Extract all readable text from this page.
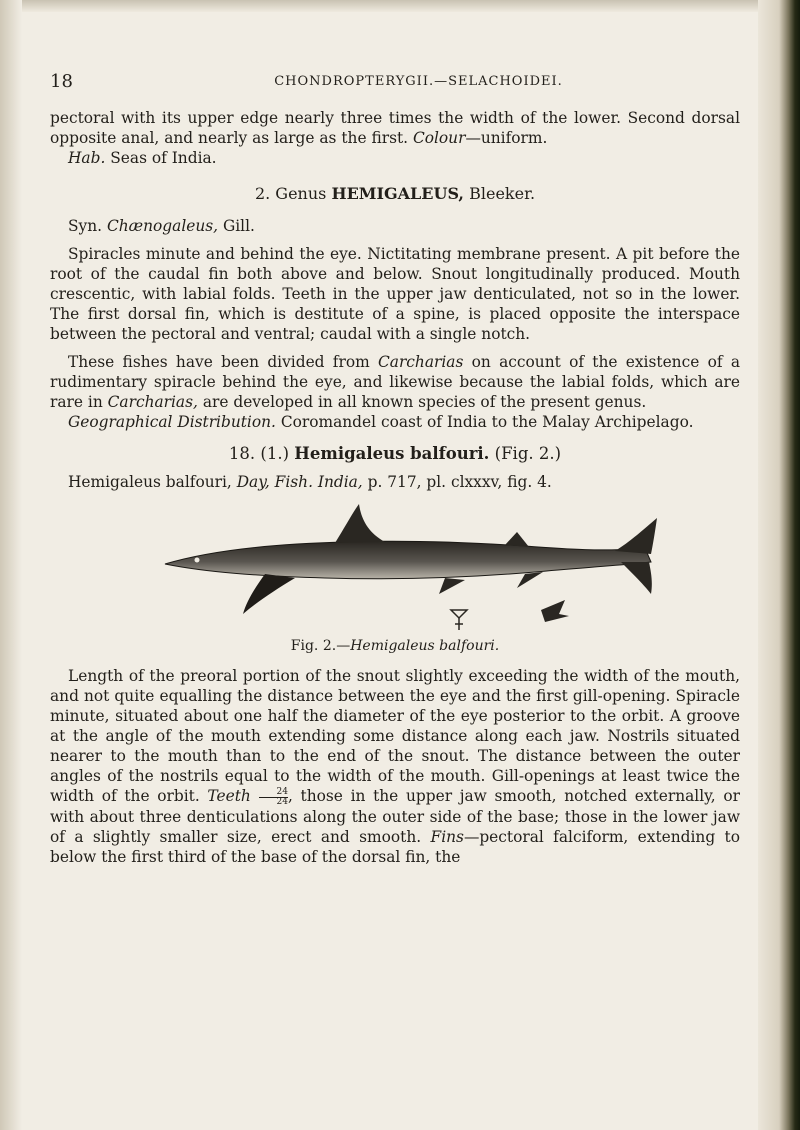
18	CHONDROPTERYGII.—SELACHOIDEI.

pectoral with its upper edge nearly three times the width of the lower. Second dorsal opposite anal, and nearly as large as the first. Colour—uniform.

Hab. Seas of India.

2. Genus HEMIGALEUS, Bleeker.

Syn. Chænogaleus, Gill.

Spiracles minute and behind the eye. Nictitating membrane present. A pit before the root of the caudal fin both above and below. Snout longitudinally produced. Mouth crescentic, with labial folds. Teeth in the upper jaw denticulated, not so in the lower. The first dorsal fin, which is destitute of a spine, is placed opposite the interspace between the pectoral and ventral; caudal with a single notch.

These fishes have been divided from Carcharias on account of the existence of a rudimentary spiracle behind the eye, and likewise because the labial folds, which are rare in Carcharias, are developed in all known species of the present genus.

Geographical Distribution. Coromandel coast of India to the Malay Archipelago.

18. (1.) Hemigaleus balfouri. (Fig. 2.)

Hemigaleus balfouri, Day, Fish. India, p. 717, pl. clxxxv, fig. 4.

Fig. 2.—Hemigaleus balfouri.

Length of the preoral portion of the snout slightly exceeding the width of the mouth, and not quite equalling the distance between the eye and the first gill-opening. Spiracle minute, situated about one half the diameter of the eye posterior to the orbit. A groove at the angle of the mouth extending some distance along each jaw. Nostrils situated nearer to the mouth than to the end of the snout. The distance between the outer angles of the nostrils equal to the width of the mouth. Gill-openings at least twice the width of the orbit. Teeth $\frac{24}{24}$ , those in the upper jaw smooth, notched externally, or with about three denticulations along the outer side of the base; those in the lower jaw of a slightly smaller size, erect and smooth. Fins—pectoral falciform, extending to below the first third of the base of the dorsal fin, the
